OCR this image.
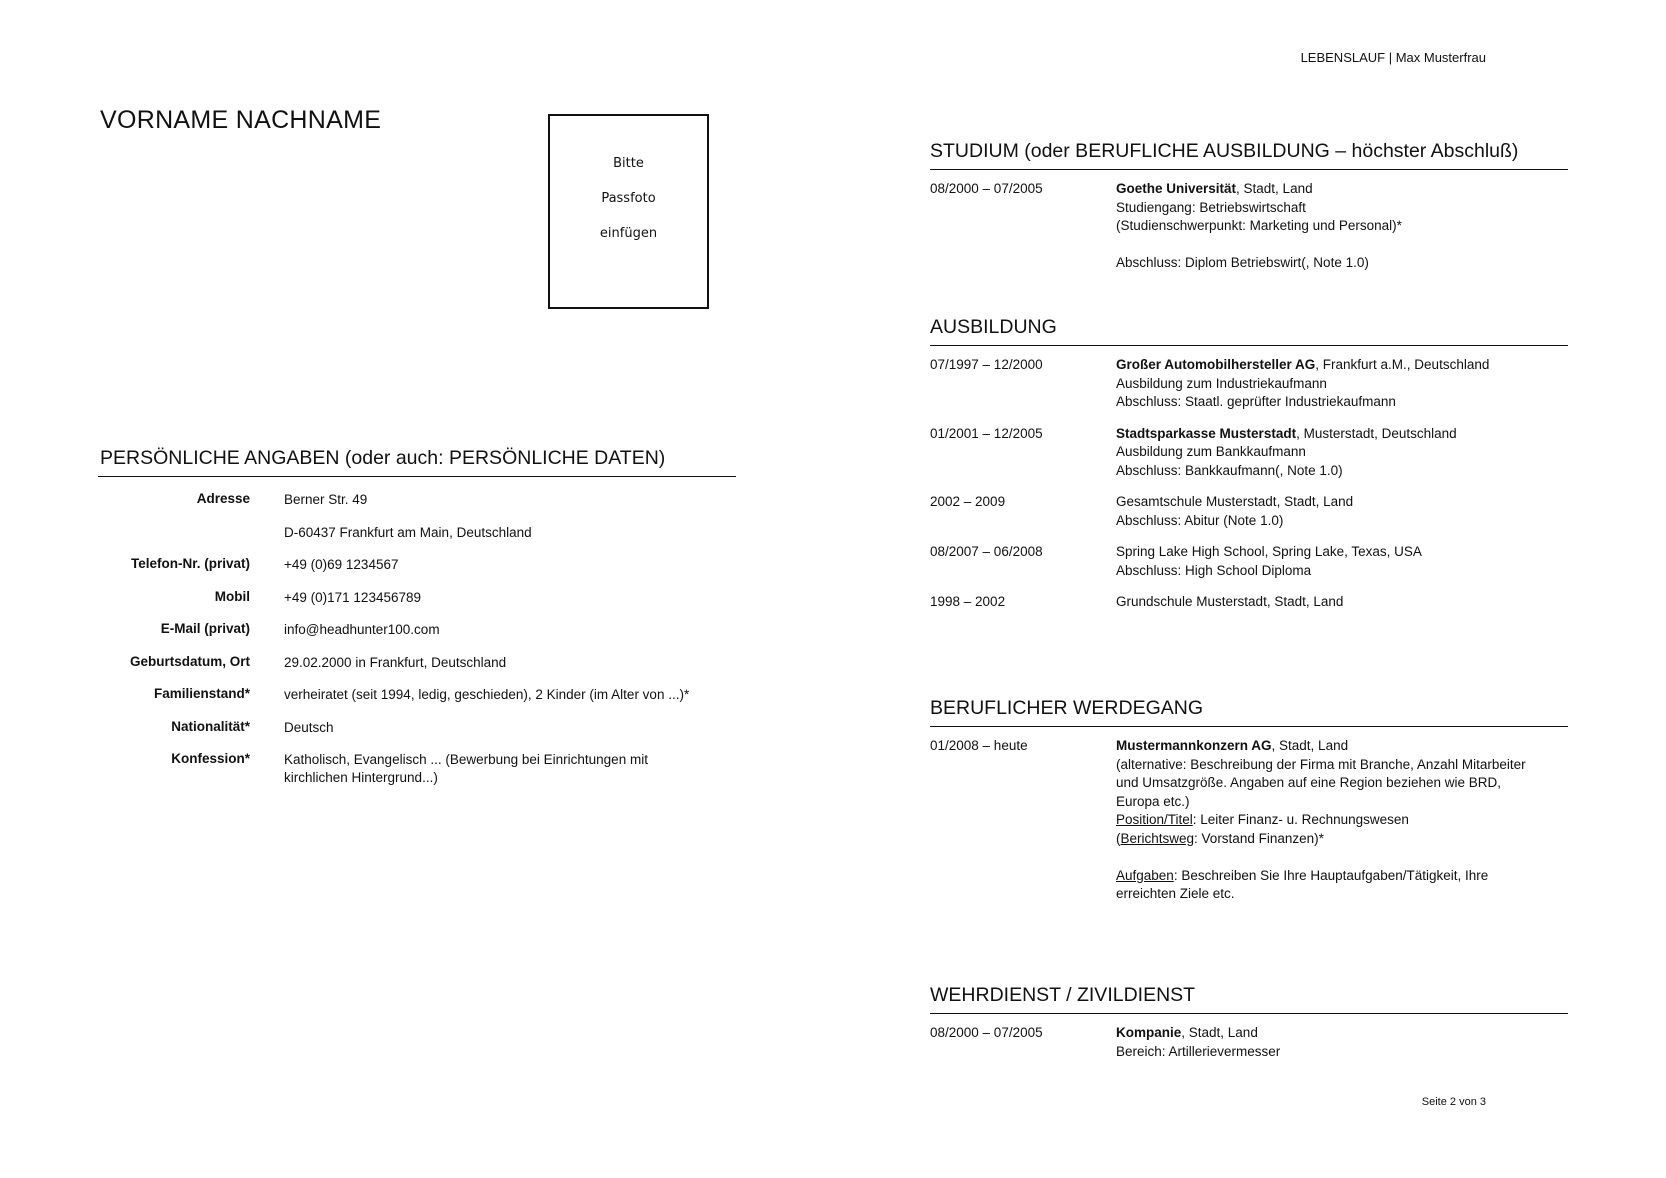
LEBENSLAUF | Max Musterfrau
VORNAME NACHNAME
Bitte
Passfoto
einfügen
PERSÖNLICHE ANGABEN (oder auch: PERSÖNLICHE DATEN)
Adresse	Berner Str. 49
D-60437 Frankfurt am Main, Deutschland
Telefon-Nr. (privat)	+49 (0)69 1234567
Mobil	+49 (0)171 123456789
E-Mail (privat)	info@headhunter100.com
Geburtsdatum, Ort	29.02.2000 in Frankfurt, Deutschland
Familienstand*	verheiratet (seit 1994, ledig, geschieden), 2 Kinder (im Alter von ...)*
Nationalität*	Deutsch
Konfession*	Katholisch, Evangelisch ... (Bewerbung bei Einrichtungen mit kirchlichen Hintergrund...)
STUDIUM (oder BERUFLICHE AUSBILDUNG – höchster Abschluß)
08/2000 – 07/2005	Goethe Universität, Stadt, Land
Studiengang: Betriebswirtschaft
(Studienschwerpunkt: Marketing und Personal)*
Abschluss: Diplom Betriebswirt(, Note 1.0)
AUSBILDUNG
07/1997 – 12/2000	Großer Automobilhersteller AG, Frankfurt a.M., Deutschland
Ausbildung zum Industriekaufmann
Abschluss: Staatl. geprüfter Industriekaufmann
01/2001 – 12/2005	Stadtsparkasse Musterstadt, Musterstadt, Deutschland
Ausbildung zum Bankkaufmann
Abschluss: Bankkaufmann(, Note 1.0)
2002 – 2009	Gesamtschule Musterstadt, Stadt, Land
Abschluss: Abitur (Note 1.0)
08/2007 – 06/2008	Spring Lake High School, Spring Lake, Texas, USA
Abschluss: High School Diploma
1998 – 2002	Grundschule Musterstadt, Stadt, Land
BERUFLICHER WERDEGANG
01/2008 – heute	Mustermannkonzern AG, Stadt, Land
(alternative: Beschreibung der Firma mit Branche, Anzahl Mitarbeiter
und Umsatzgröße. Angaben auf eine Region beziehen wie BRD,
Europa etc.)
Position/Titel: Leiter Finanz- u. Rechnungswesen
(Berichtsweg: Vorstand Finanzen)*
Aufgaben: Beschreiben Sie Ihre Hauptaufgaben/Tätigkeit, Ihre
erreichten Ziele etc.
WEHRDIENST / ZIVILDIENST
08/2000 – 07/2005	Kompanie, Stadt, Land
Bereich: Artillerievermesser
Seite 2 von 3
